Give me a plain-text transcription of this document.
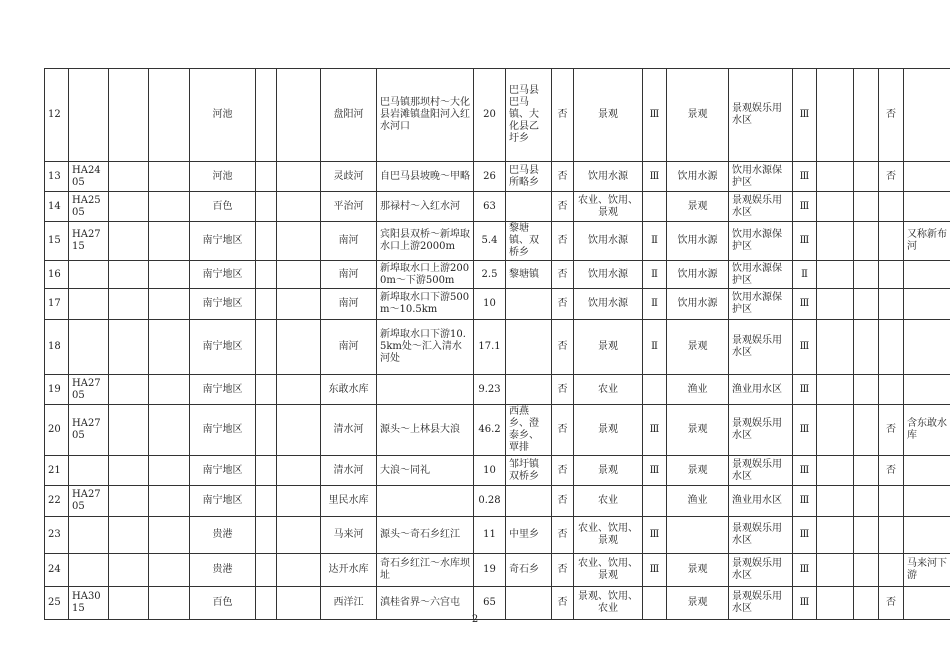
12				河池			盘阳河	巴马镇那坝村～大化县岩滩镇盘阳河入红水河口	20	巴马县巴马镇、大化县乙圩乡	否	景观	Ⅲ	景观	景观娱乐用水区	Ⅲ			否	
13	HA2405			河池			灵歧河	自巴马县坡晚～甲略	26	巴马县所略乡	否	饮用水源	Ⅲ	饮用水源	饮用水源保护区	Ⅲ			否	
14	HA2505			百色			平治河	那禄村～入红水河	63		否	农业、饮用、景观		景观	景观娱乐用水区	Ⅲ				
15	HA2715			南宁地区			南河	宾阳县双桥～新埠取水口上游2000m	5.4	黎塘镇、双桥乡	否	饮用水源	Ⅱ	饮用水源	饮用水源保护区	Ⅲ				又称新布河
16				南宁地区			南河	新埠取水口上游2000m～下游500m	2.5	黎塘镇	否	饮用水源	Ⅱ	饮用水源	饮用水源保护区	Ⅱ				
17				南宁地区			南河	新埠取水口下游500m～10.5km	10		否	饮用水源	Ⅱ	饮用水源	饮用水源保护区	Ⅲ				
18				南宁地区			南河	新埠取水口下游10.5km处～汇入清水河处	17.1		否	景观	Ⅱ	景观	景观娱乐用水区	Ⅲ				
19	HA2705			南宁地区			东敢水库		9.23		否	农业		渔业	渔业用水区	Ⅲ				
20	HA2705			南宁地区			清水河	源头～上林县大浪	46.2	西燕乡、澄泰乡、覃排	否	景观	Ⅲ	景观	景观娱乐用水区	Ⅲ			否	含东敢水库
21				南宁地区			清水河	大浪～同礼	10	邹圩镇双桥乡	否	景观	Ⅲ	景观	景观娱乐用水区	Ⅲ			否	
22	HA2705			南宁地区			里民水库		0.28		否	农业		渔业	渔业用水区	Ⅲ				
23				贵港			马来河	源头～奇石乡红江	11	中里乡	否	农业、饮用、景观	Ⅲ		景观娱乐用水区	Ⅲ				
24				贵港			达开水库	奇石乡红江～水库坝址	19	奇石乡	否	农业、饮用、景观	Ⅲ	景观	景观娱乐用水区	Ⅲ				马来河下游
25	HA3015			百色			西洋江	滇桂省界～六宫屯	65		否	景观、饮用、农业		景观	景观娱乐用水区	Ⅲ			否	
2
